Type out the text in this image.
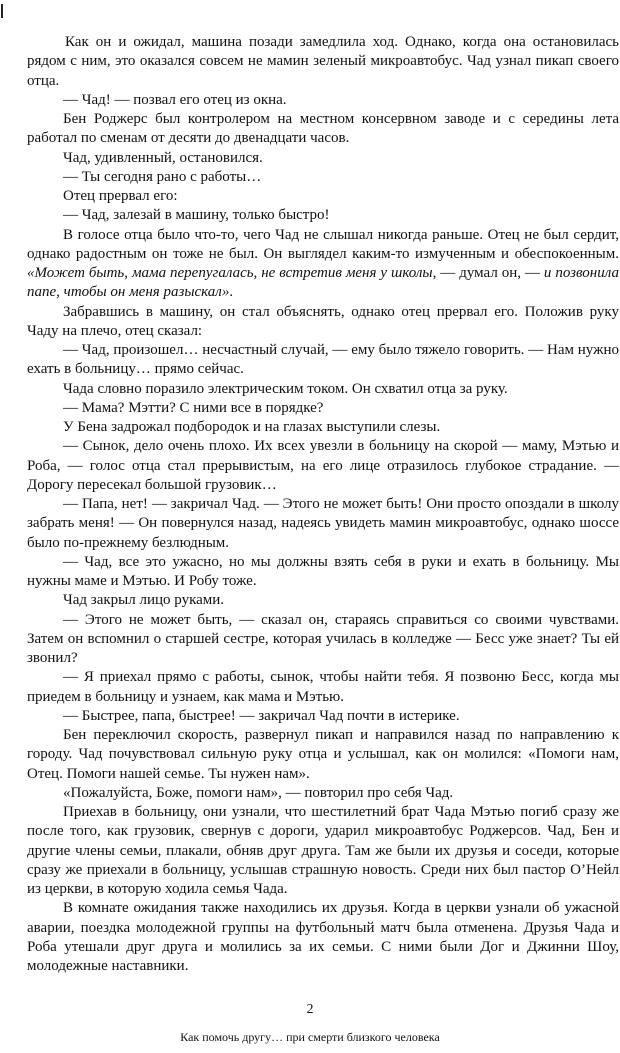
Как он и ожидал, машина позади замедлила ход. Однако, когда она остановилась рядом с ним, это оказался совсем не мамин зеленый микроавтобус. Чад узнал пикап своего отца.

— Чад! — позвал его отец из окна.

Бен Роджерс был контролером на местном консервном заводе и с середины лета работал по сменам от десяти до двенадцати часов.

Чад, удивленный, остановился.

— Ты сегодня рано с работы…

Отец прервал его:

— Чад, залезай в машину, только быстро!

В голосе отца было что-то, чего Чад не слышал никогда раньше. Отец не был сердит, однако радостным он тоже не был. Он выглядел каким-то измученным и обеспокоенным. «Может быть, мама перепугалась, не встретив меня у школы, — думал он, — и позвонила папе, чтобы он меня разыскал».

Забравшись в машину, он стал объяснять, однако отец прервал его. Положив руку Чаду на плечо, отец сказал:

— Чад, произошел… несчастный случай, — ему было тяжело говорить. — Нам нужно ехать в больницу… прямо сейчас.

Чада словно поразило электрическим током. Он схватил отца за руку.

— Мама? Мэтти? С ними все в порядке?

У Бена задрожал подбородок и на глазах выступили слезы.

— Сынок, дело очень плохо. Их всех увезли в больницу на скорой — маму, Мэтью и Роба, — голос отца стал прерывистым, на его лице отразилось глубокое страдание. — Дорогу пересекал большой грузовик…

— Папа, нет! — закричал Чад. — Этого не может быть! Они просто опоздали в школу забрать меня! — Он повернулся назад, надеясь увидеть мамин микроавтобус, однако шоссе было по-прежнему безлюдным.

— Чад, все это ужасно, но мы должны взять себя в руки и ехать в больницу. Мы нужны маме и Мэтью. И Робу тоже.

Чад закрыл лицо руками.

— Этого не может быть, — сказал он, стараясь справиться со своими чувствами. Затем он вспомнил о старшей сестре, которая училась в колледже — Бесс уже знает? Ты ей звонил?

— Я приехал прямо с работы, сынок, чтобы найти тебя. Я позвоню Бесс, когда мы приедем в больницу и узнаем, как мама и Мэтью.

— Быстрее, папа, быстрее! — закричал Чад почти в истерике.

Бен переключил скорость, развернул пикап и направился назад по направлению к городу. Чад почувствовал сильную руку отца и услышал, как он молился: «Помоги нам, Отец. Помоги нашей семье. Ты нужен нам».

«Пожалуйста, Боже, помоги нам», — повторил про себя Чад.

Приехав в больницу, они узнали, что шестилетний брат Чада Мэтью погиб сразу же после того, как грузовик, свернув с дороги, ударил микроавтобус Роджерсов. Чад, Бен и другие члены семьи, плакали, обняв друг друга. Там же были их друзья и соседи, которые сразу же приехали в больницу, услышав страшную новость. Среди них был пастор О’Нейл из церкви, в которую ходила семья Чада.

В комнате ожидания также находились их друзья. Когда в церкви узнали об ужасной аварии, поездка молодежной группы на футбольный матч была отменена. Друзья Чада и Роба утешали друг друга и молились за их семьи. С ними были Дог и Джинни Шоу, молодежные наставники.

2
Как помочь другу… при смерти близкого человека
